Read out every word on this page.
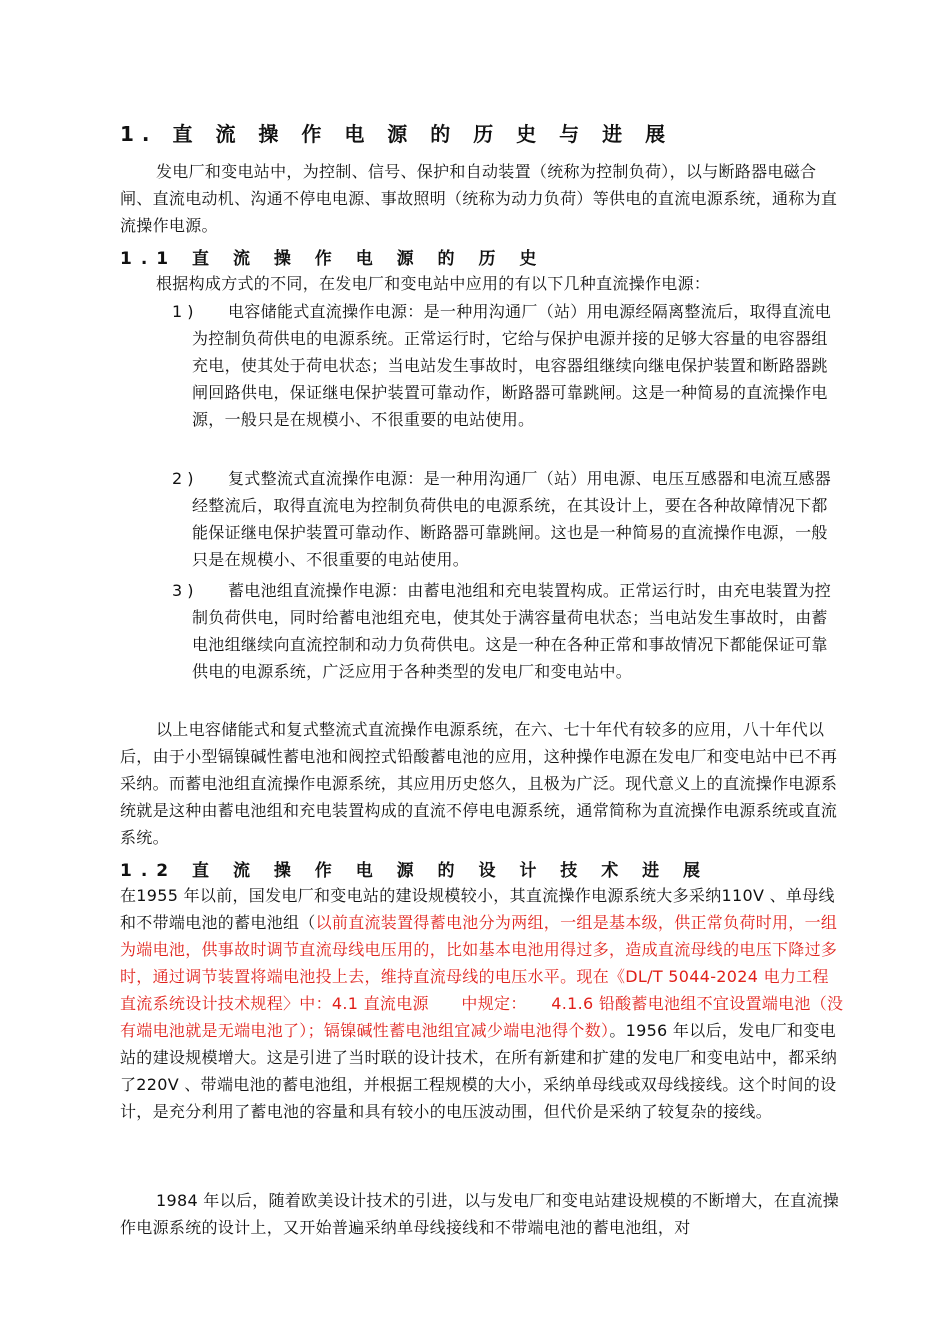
1. 直 流 操 作 电 源 的 历 史 与 进 展

发电厂和变电站中，为控制、信号、保护和自动装置（统称为控制负荷），以与断路器电磁合闸、直流电动机、沟通不停电电源、事故照明（统称为动力负荷）等供电的直流电源系统，通称为直流操作电源。

1.1 直 流 操 作 电 源 的 历 史

根据构成方式的不同，在发电厂和变电站中应用的有以下几种直流操作电源：

1 )	电容储能式直流操作电源：是一种用沟通厂（站）用电源经隔离整流后，取得直流电为控制负荷供电的电源系统。正常运行时，它给与保护电源并接的足够大容量的电容器组充电，使其处于荷电状态；当电站发生事故时，电容器组继续向继电保护装置和断路器跳闸回路供电，保证继电保护装置可靠动作，断路器可靠跳闸。这是一种简易的直流操作电源，一般只是在规模小、不很重要的电站使用。

2 )	复式整流式直流操作电源：是一种用沟通厂（站）用电源、电压互感器和电流互感器经整流后，取得直流电为控制负荷供电的电源系统，在其设计上，要在各种故障情况下都能保证继电保护装置可靠动作、断路器可靠跳闸。这也是一种简易的直流操作电源，一般只是在规模小、不很重要的电站使用。

3 )	蓄电池组直流操作电源：由蓄电池组和充电装置构成。正常运行时，由充电装置为控制负荷供电，同时给蓄电池组充电，使其处于满容量荷电状态；当电站发生事故时，由蓄电池组继续向直流控制和动力负荷供电。这是一种在各种正常和事故情况下都能保证可靠供电的电源系统，广泛应用于各种类型的发电厂和变电站中。

以上电容储能式和复式整流式直流操作电源系统，在六、七十年代有较多的应用，八十年代以后，由于小型镉镍碱性蓄电池和阀控式铅酸蓄电池的应用，这种操作电源在发电厂和变电站中已不再采纳。而蓄电池组直流操作电源系统，其应用历史悠久，且极为广泛。现代意义上的直流操作电源系统就是这种由蓄电池组和充电装置构成的直流不停电电源系统，通常简称为直流操作电源系统或直流系统。

1.2 直 流 操 作 电 源 的 设 计 技 术 进 展

在1955 年以前，国发电厂和变电站的建设规模较小，其直流操作电源系统大多采纳110V 、单母线和不带端电池的蓄电池组（以前直流装置得蓄电池分为两组，一组是基本级，供正常负荷时用，一组为端电池，供事故时调节直流母线电压用的，比如基本电池用得过多，造成直流母线的电压下降过多时，通过调节装置将端电池投上去，维持直流母线的电压水平。现在《DL/T 5044-2024 电力工程直流系统设计技术规程〉中：4.1 直流电源　　中规定：　　4.1.6 铅酸蓄电池组不宜设置端电池（没有端电池就是无端电池了）；镉镍碱性蓄电池组宜减少端电池得个数）。1956 年以后，发电厂和变电站的建设规模增大。这是引进了当时联的设计技术，在所有新建和扩建的发电厂和变电站中，都采纳了220V 、带端电池的蓄电池组，并根据工程规模的大小，采纳单母线或双母线接线。这个时间的设计，是充分利用了蓄电池的容量和具有较小的电压波动围，但代价是采纳了较复杂的接线。

1984 年以后，随着欧美设计技术的引进，以与发电厂和变电站建设规模的不断增大，在直流操作电源系统的设计上，又开始普遍采纳单母线接线和不带端电池的蓄电池组，对
